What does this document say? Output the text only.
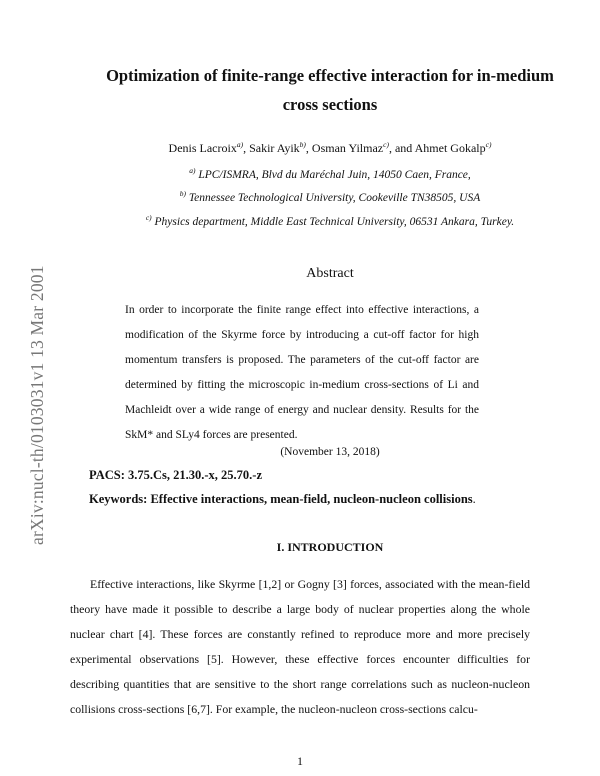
arXiv:nucl-th/0103031v1 13 Mar 2001
Optimization of finite-range effective interaction for in-medium
cross sections
Denis Lacroix$^{a)}$, Sakir Ayik$^{b)}$, Osman Yilmaz$^{c)}$, and Ahmet Gokalp$^{c)}$
$^{a)}$ LPC/ISMRA, Blvd du Maréchal Juin, 14050 Caen, France,
$^{b)}$ Tennessee Technological University, Cookeville TN38505, USA
$^{c)}$ Physics department, Middle East Technical University, 06531 Ankara, Turkey.
Abstract
In order to incorporate the finite range effect into effective interactions, a modification of the Skyrme force by introducing a cut-off factor for high momentum transfers is proposed. The parameters of the cut-off factor are determined by fitting the microscopic in-medium cross-sections of Li and Machleidt over a wide range of energy and nuclear density. Results for the SkM* and SLy4 forces are presented.
(November 13, 2018)
PACS: 3.75.Cs, 21.30.-x, 25.70.-z
Keywords: Effective interactions, mean-field, nucleon-nucleon collisions.
I. INTRODUCTION
Effective interactions, like Skyrme [1,2] or Gogny [3] forces, associated with the mean-field theory have made it possible to describe a large body of nuclear properties along the whole nuclear chart [4]. These forces are constantly refined to reproduce more and more precisely experimental observations [5]. However, these effective forces encounter difficulties for describing quantities that are sensitive to the short range correlations such as nucleon-nucleon collisions cross-sections [6,7]. For example, the nucleon-nucleon cross-sections calcu-
1
